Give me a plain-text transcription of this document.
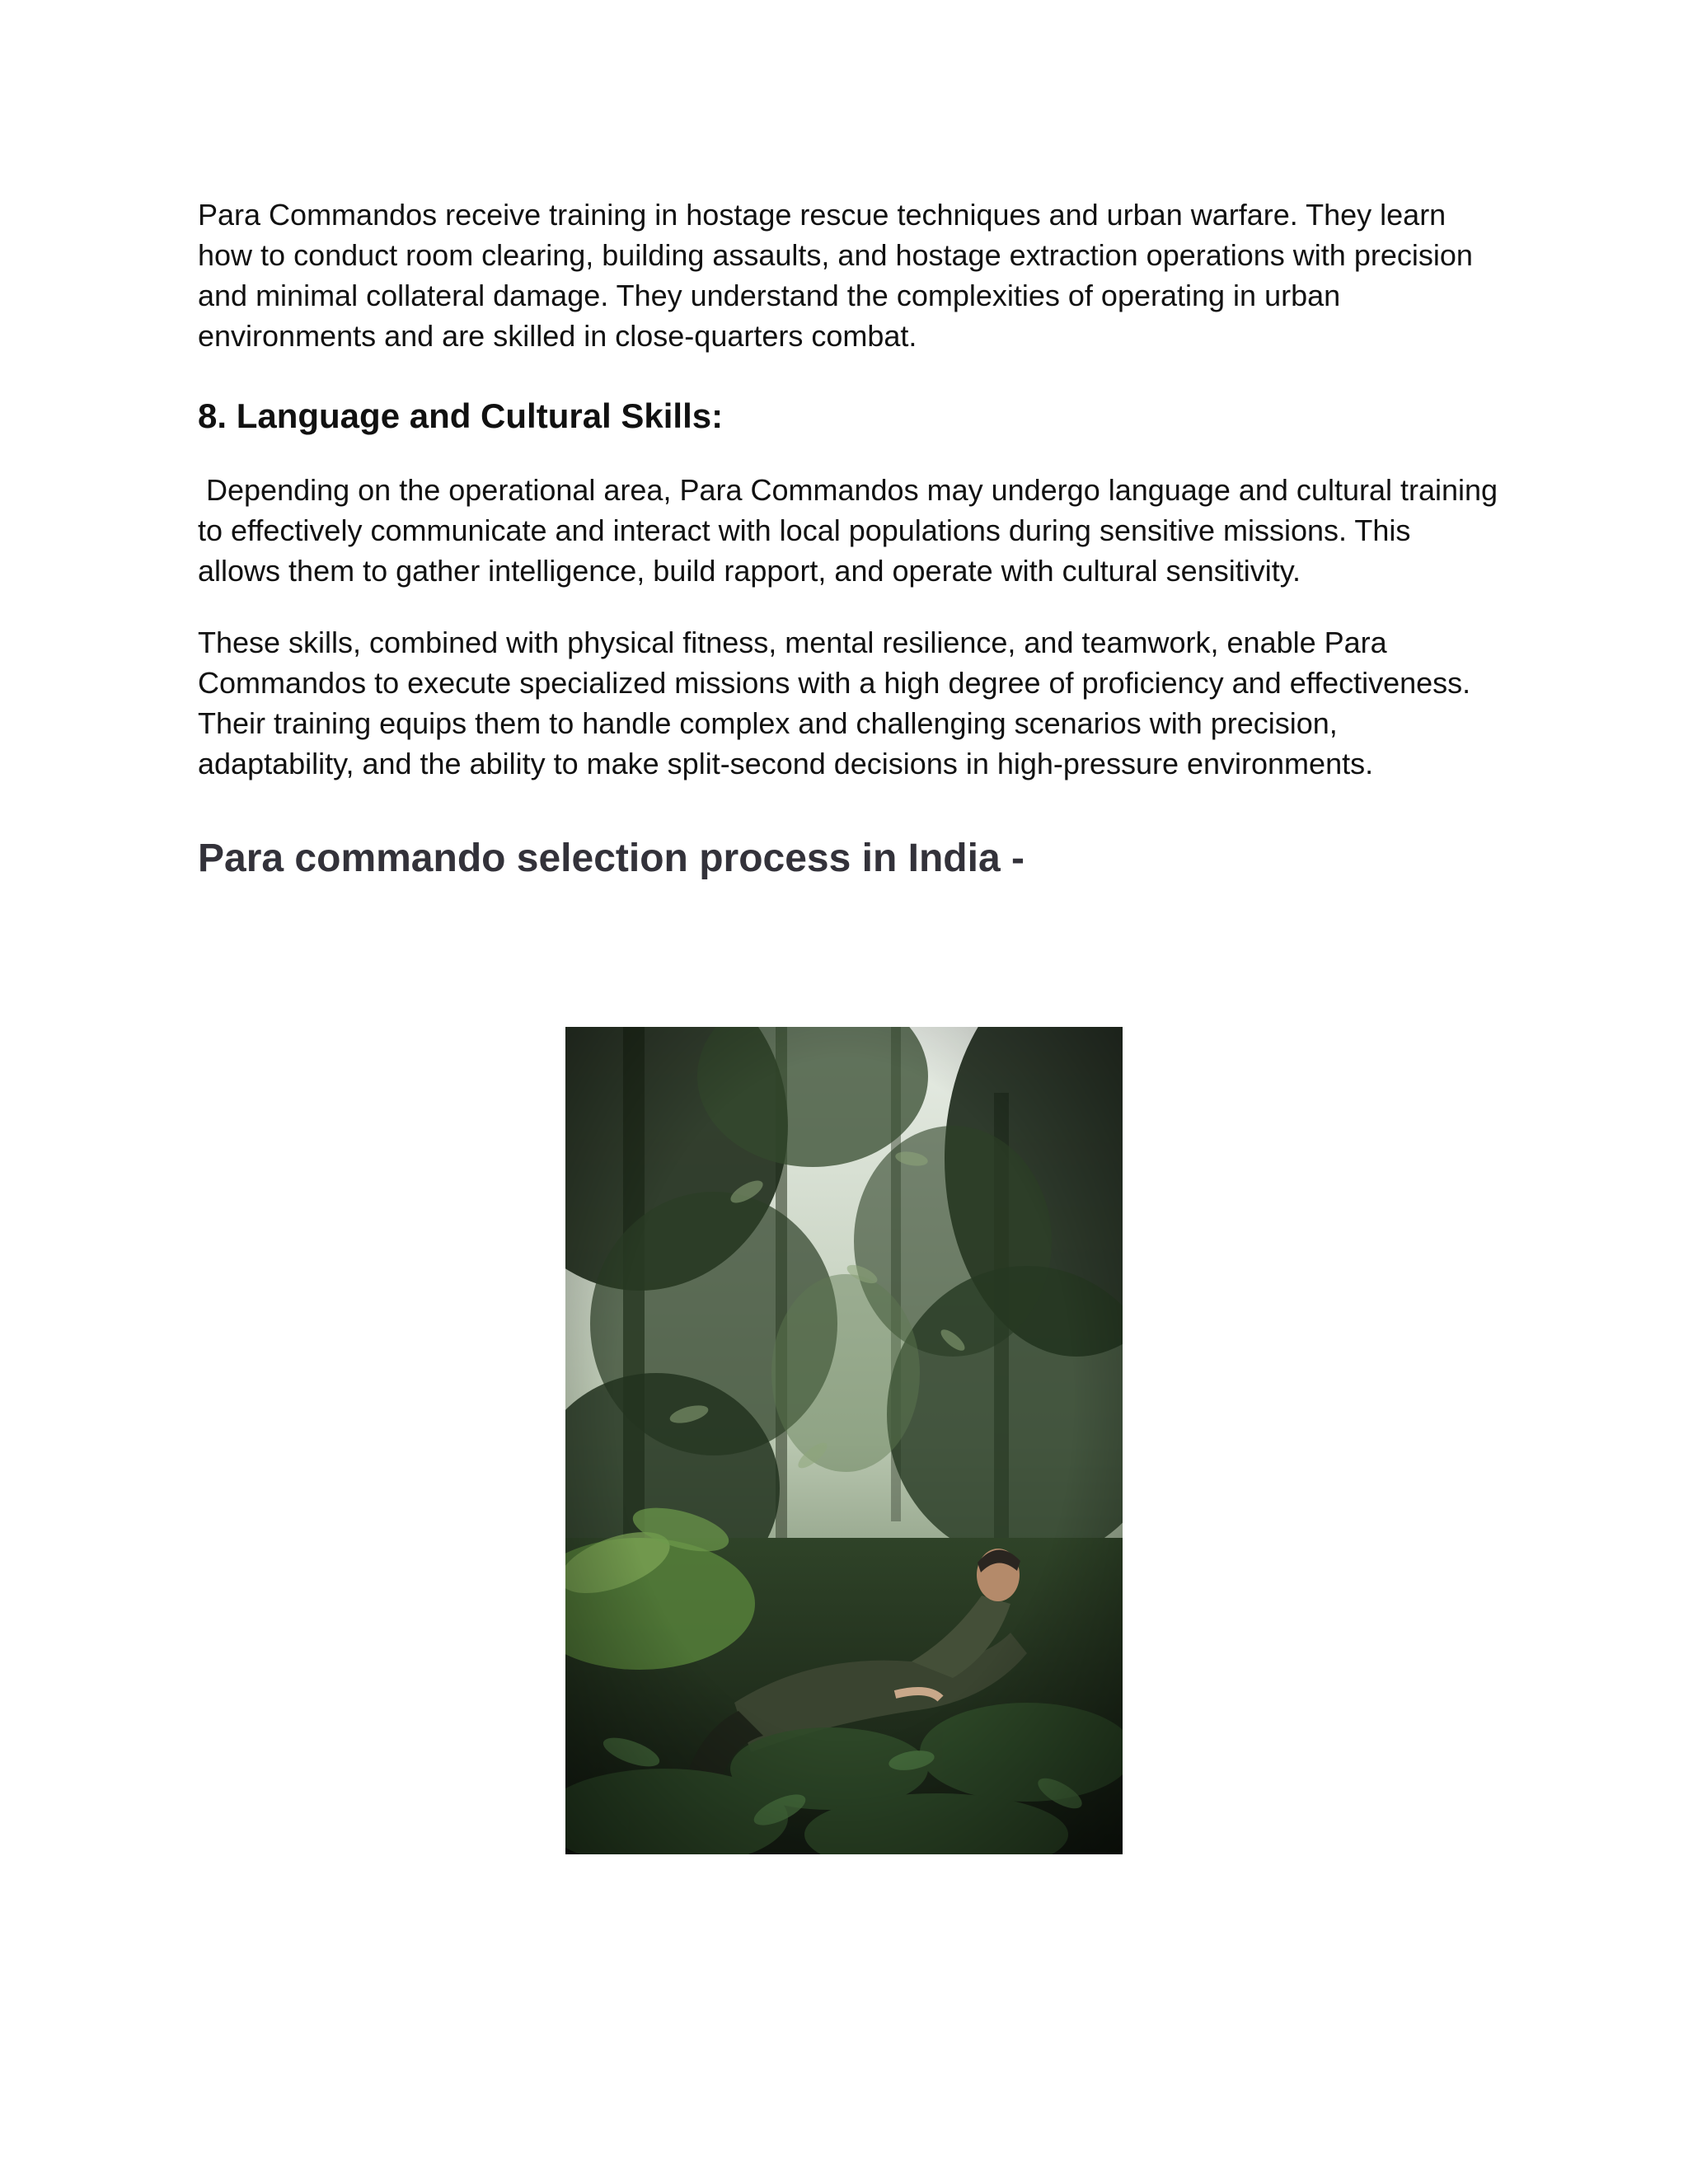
Para Commandos receive training in hostage rescue techniques and urban warfare. They learn how to conduct room clearing, building assaults, and hostage extraction operations with precision and minimal collateral damage. They understand the complexities of operating in urban environments and are skilled in close-quarters combat.

8. Language and Cultural Skills:

Depending on the operational area, Para Commandos may undergo language and cultural training to effectively communicate and interact with local populations during sensitive missions. This allows them to gather intelligence, build rapport, and operate with cultural sensitivity.

These skills, combined with physical fitness, mental resilience, and teamwork, enable Para Commandos to execute specialized missions with a high degree of proficiency and effectiveness. Their training equips them to handle complex and challenging scenarios with precision, adaptability, and the ability to make split-second decisions in high-pressure environments.

Para commando selection process in India -
